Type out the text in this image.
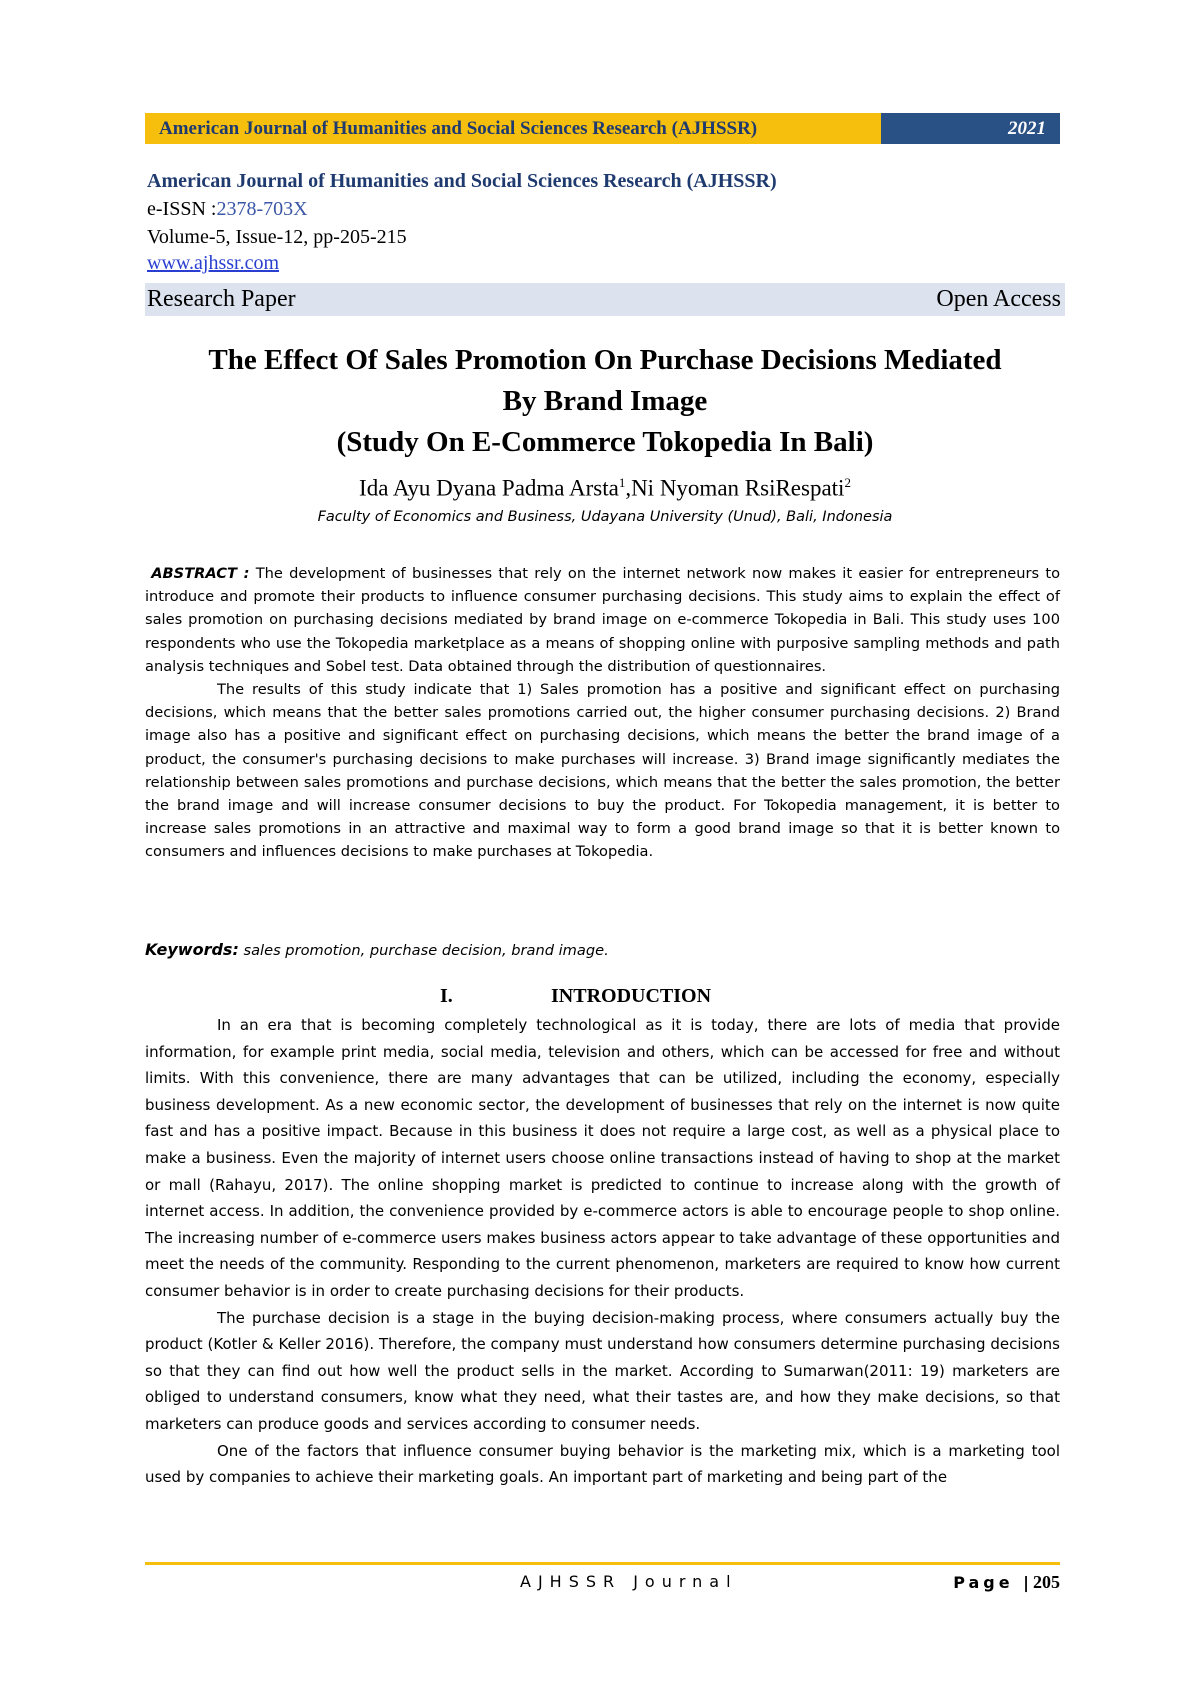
American Journal of Humanities and Social Sciences Research (AJHSSR)	2021
American Journal of Humanities and Social Sciences Research (AJHSSR)
e-ISSN :2378-703X
Volume-5, Issue-12, pp-205-215
www.ajhssr.com
Research Paper	Open Access

The Effect Of Sales Promotion On Purchase Decisions Mediated
By Brand Image
(Study On E-Commerce Tokopedia In Bali)

Ida Ayu Dyana Padma Arsta$^1$,Ni Nyoman RsiRespati$^2$
Faculty of Economics and Business, Udayana University (Unud), Bali, Indonesia

ABSTRACT : The development of businesses that rely on the internet network now makes it easier for entrepreneurs to introduce and promote their products to influence consumer purchasing decisions. This study aims to explain the effect of sales promotion on purchasing decisions mediated by brand image on e-commerce Tokopedia in Bali. This study uses 100 respondents who use the Tokopedia marketplace as a means of shopping online with purposive sampling methods and path analysis techniques and Sobel test. Data obtained through the distribution of questionnaires.

The results of this study indicate that 1) Sales promotion has a positive and significant effect on purchasing decisions, which means that the better sales promotions carried out, the higher consumer purchasing decisions. 2) Brand image also has a positive and significant effect on purchasing decisions, which means the better the brand image of a product, the consumer's purchasing decisions to make purchases will increase. 3) Brand image significantly mediates the relationship between sales promotions and purchase decisions, which means that the better the sales promotion, the better the brand image and will increase consumer decisions to buy the product. For Tokopedia management, it is better to increase sales promotions in an attractive and maximal way to form a good brand image so that it is better known to consumers and influences decisions to make purchases at Tokopedia.

Keywords: sales promotion, purchase decision, brand image.
I.	INTRODUCTION

In an era that is becoming completely technological as it is today, there are lots of media that provide information, for example print media, social media, television and others, which can be accessed for free and without limits. With this convenience, there are many advantages that can be utilized, including the economy, especially business development. As a new economic sector, the development of businesses that rely on the internet is now quite fast and has a positive impact. Because in this business it does not require a large cost, as well as a physical place to make a business. Even the majority of internet users choose online transactions instead of having to shop at the market or mall (Rahayu, 2017). The online shopping market is predicted to continue to increase along with the growth of internet access. In addition, the convenience provided by e-commerce actors is able to encourage people to shop online. The increasing number of e-commerce users makes business actors appear to take advantage of these opportunities and meet the needs of the community. Responding to the current phenomenon, marketers are required to know how current consumer behavior is in order to create purchasing decisions for their products.

The purchase decision is a stage in the buying decision-making process, where consumers actually buy the product (Kotler & Keller 2016). Therefore, the company must understand how consumers determine purchasing decisions so that they can find out how well the product sells in the market. According to Sumarwan(2011: 19) marketers are obliged to understand consumers, know what they need, what their tastes are, and how they make decisions, so that marketers can produce goods and services according to consumer needs.

One of the factors that influence consumer buying behavior is the marketing mix, which is a marketing tool used by companies to achieve their marketing goals. An important part of marketing and being part of the

AJHSSR Journal	Page |205
